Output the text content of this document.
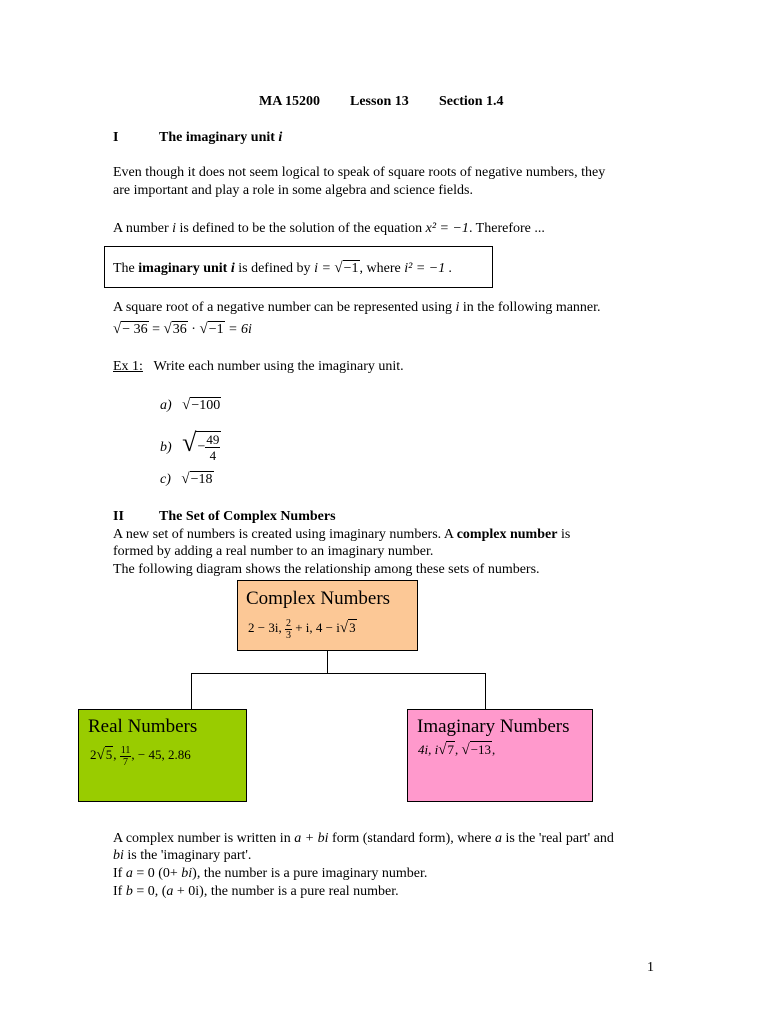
MA 15200 Lesson 13 Section 1.4
I	The imaginary unit i
Even though it does not seem logical to speak of square roots of negative numbers, they
are important and play a role in some algebra and science fields.
A number i is defined to be the solution of the equation x² = −1. Therefore ...
The imaginary unit i is defined by i = √−1, where i² = −1 .
A square root of a negative number can be represented using i in the following manner.
√− 36 = √36 · √−1 = 6i
Ex 1: Write each number using the imaginary unit.
a) √−100
b) √− $\frac{49}{4}$
c) √−18
II	The Set of Complex Numbers
A new set of numbers is created using imaginary numbers. A complex number is
formed by adding a real number to an imaginary number.
The following diagram shows the relationship among these sets of numbers.
Complex Numbers
2 − 3i, $\frac{2}{3} + i$, 4 − i√3
Real Numbers
2√5, $\frac{11}{7}$ , − 45, 2.86
Imaginary Numbers
4i, i√7, √−13,
A complex number is written in a + bi form (standard form), where a is the 'real part' and
bi is the 'imaginary part'.
If a = 0 (0+ bi), the number is a pure imaginary number.
If b = 0, (a + 0i), the number is a pure real number.
1
